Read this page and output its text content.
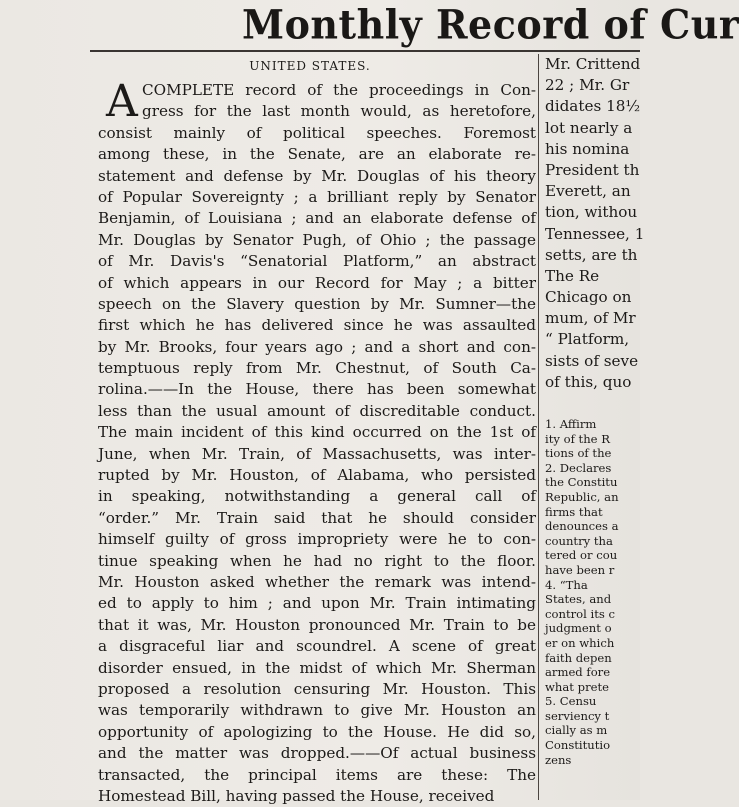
Monthly Record of Cur
UNITED STATES.
A COMPLETE record of the proceedings in Con-
gress for the last month would, as heretofore,
consist mainly of political speeches. Foremost
among these, in the Senate, are an elaborate re-
statement and defense by Mr. Douglas of his theory
of Popular Sovereignty ; a brilliant reply by Senator
Benjamin, of Louisiana ; and an elaborate defense of
Mr. Douglas by Senator Pugh, of Ohio ; the passage
of Mr. Davis's “Senatorial Platform,” an abstract
of which appears in our Record for May ; a bitter
speech on the Slavery question by Mr. Sumner—the
first which he has delivered since he was assaulted
by Mr. Brooks, four years ago ; and a short and con-
temptuous reply from Mr. Chestnut, of South Ca-
rolina.——In the House, there has been somewhat
less than the usual amount of discreditable conduct.
The main incident of this kind occurred on the 1st of
June, when Mr. Train, of Massachusetts, was inter-
rupted by Mr. Houston, of Alabama, who persisted
in speaking, notwithstanding a general call of
“order.” Mr. Train said that he should consider
himself guilty of gross impropriety were he to con-
tinue speaking when he had no right to the floor.
Mr. Houston asked whether the remark was intend-
ed to apply to him ; and upon Mr. Train intimating
that it was, Mr. Houston pronounced Mr. Train to be
a disgraceful liar and scoundrel. A scene of great
disorder ensued, in the midst of which Mr. Sherman
proposed a resolution censuring Mr. Houston. This
was temporarily withdrawn to give Mr. Houston an
opportunity of apologizing to the House. He did so,
and the matter was dropped.——Of actual business
transacted, the principal items are these: The
Homestead Bill, having passed the House, received
Mr. Crittend
22 ; Mr. Gr
didates 18½
lot nearly a
his nomina
President th
Everett, an
tion, withou
Tennessee, 1
setts, are th
The Re
Chicago on
mum, of Mr
“ Platform,
sists of seve
of this, quo
1. Affirm
ity of the R
tions of the
2. Declares
the Constitu
Republic, an
firms that
denounces a
country tha
tered or cou
have been r
4. “Tha
States, and
control its c
judgment o
er on which
faith depen
armed fore
what prete
5. Censu
serviency t
cially as m
Constitutio
zens
